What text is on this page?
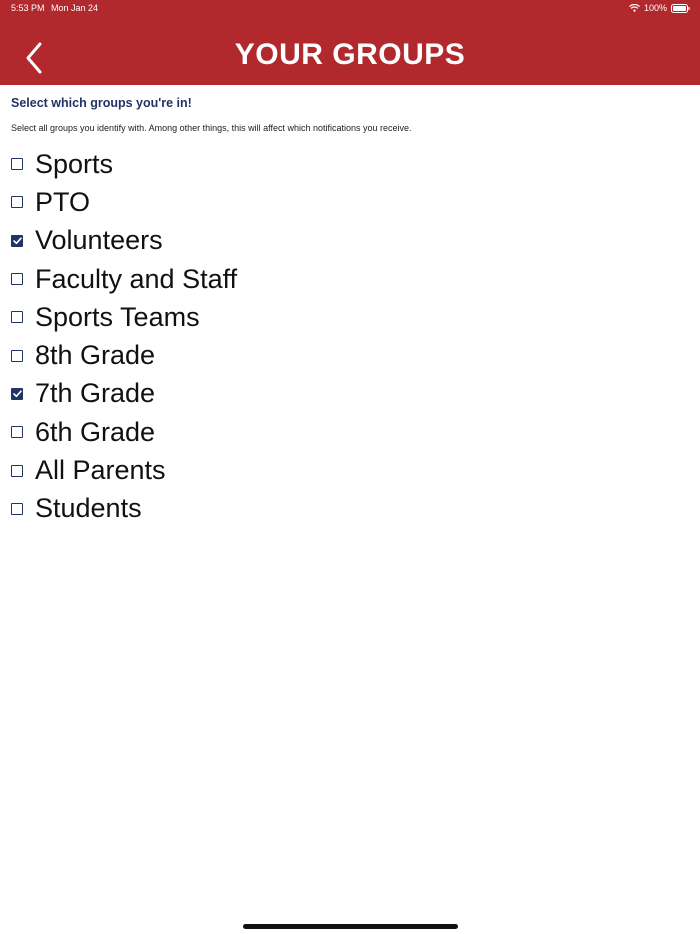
5:53 PM Mon Jan 24	100%
YOUR GROUPS
Select which groups you're in!
Select all groups you identify with. Among other things, this will affect which notifications you receive.
Sports
PTO
Volunteers
Faculty and Staff
Sports Teams
8th Grade
7th Grade
6th Grade
All Parents
Students
